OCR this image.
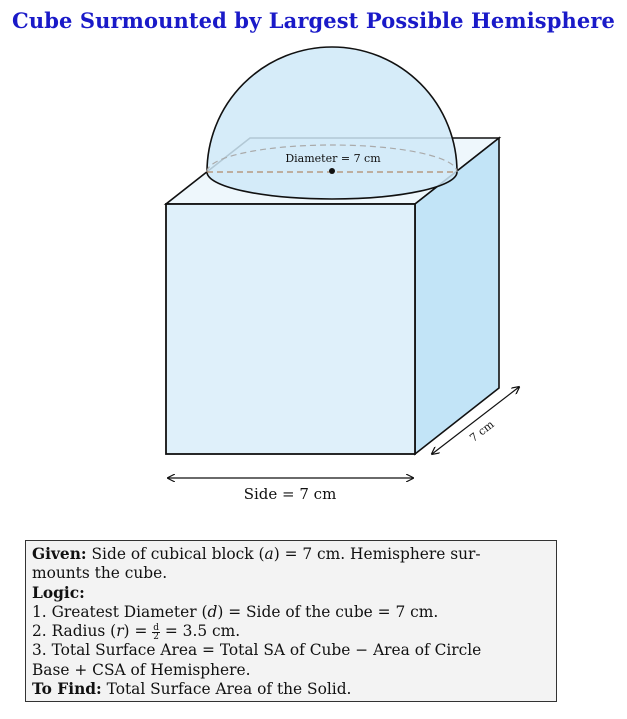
Cube Surmounted by Largest Possible Hemisphere
Diameter = 7 cm
Side = 7 cm
7 cm
Given: Side of cubical block (a) = 7 cm. Hemisphere sur-
mounts the cube.
Logic:
1. Greatest Diameter (d) = Side of the cube = 7 cm.
2. Radius $(r) = \frac{d}{2} = 3.5$ cm.
3. Total Surface Area = Total SA of Cube − Area of Circle
Base + CSA of Hemisphere.
To Find: Total Surface Area of the Solid.
